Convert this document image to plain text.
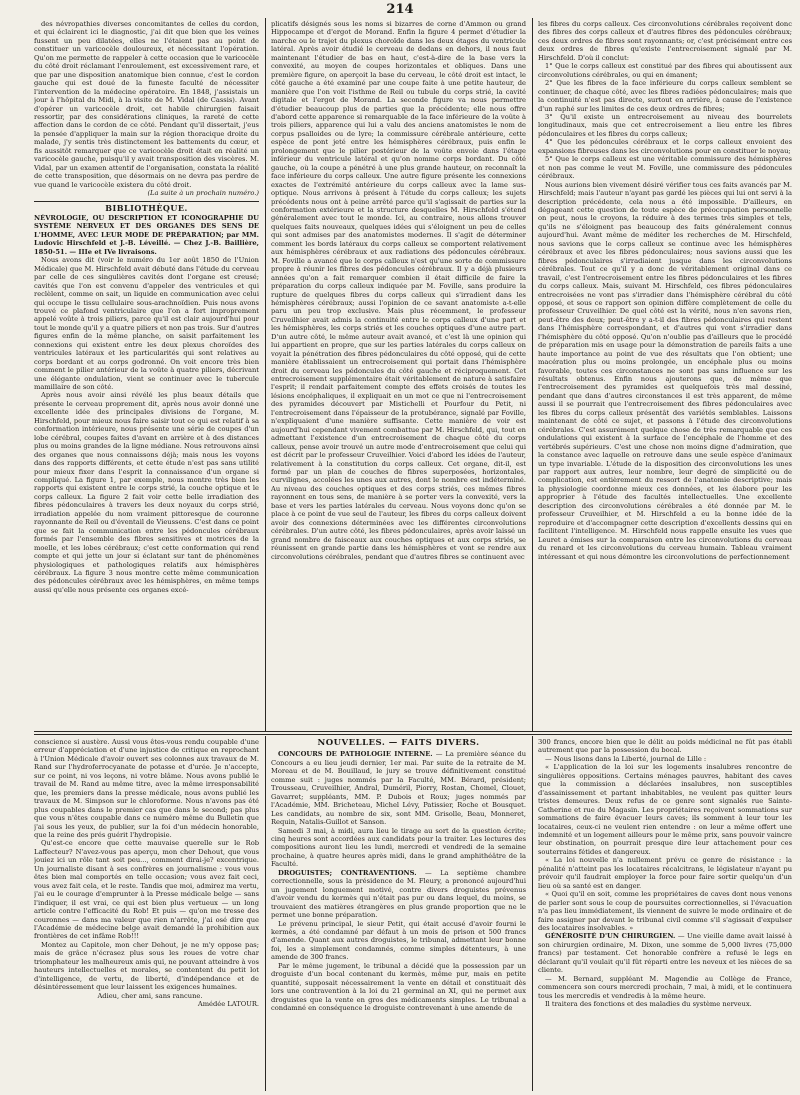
214

des névropathies diverses concomitantes de celles du cordon, et qui éclairent ici le diagnostic, j'ai dit que bien que les veines fussent un peu dilatées, elles ne l'étaient pas au point de constituer un varicocèle douloureux, et nécessitant l'opération. Qu'on me permette de rappeler à cette occasion que le varicocèle du côté droit réclamant l'enroulement, est excessivement rare, et que par une disposition anatomique bien connue, c'est le cordon gauche qui est doué de la funeste faculté de nécessiter l'intervention de la médecine opératoire. En 1848, j'assistais un jour à l'hôpital du Midi, à la visite de M. Vidal (de Cassis). Avant d'opérer un varicocèle droit, cet habile chirurgien faisait ressortir, par des considérations cliniques, la rareté de cette affection dans le cordon de ce côté. Pendant qu'il dissertait, j'eus la pensée d'appliquer la main sur la région thoracique droite du malade, j'y sentis très distinctement les battements du cœur, et fis aussitôt remarquer que ce varicocèle droit était en réalité un varicocèle gauche, puisqu'il y avait transposition des viscères. M. Vidal, par un examen attentif de l'organisation, constata la réalité de cette transposition, que désormais on ne devra pas perdre de vue quand le varicocèle existera du côté droit.

(La suite à un prochain numéro.)

BIBLIOTHÈQUE.

NÉVROLOGIE, OU DESCRIPTION ET ICONOGRAPHIE DU SYSTÈME NERVEUX ET DES ORGANES DES SENS DE L'HOMME, AVEC LEUR MODE DE PRÉPARATION; par MM. Ludovic Hirschfeld et J.-B. Léveillé. — Chez J.-B. Baillière, 1850-51. — IIIe et IVe livraisons.

Nous avons dit (voir le numéro du 1er août 1850 de l'Union Médicale) que M. Hirschfeld avait débuté dans l'étude du cerveau par celle de ces singulières cavités dont l'organe est creusé; cavités que l'on est convenu d'appeler des ventricules et qui reclèlent, comme on sait, un liquide en communication avec celui qui occupe le tissu cellulaire sous-arachnoïdien. Puis nous avons trouvé ce plafond ventriculaire que l'on a fort improprement appelé voûte à trois piliers, parce qu'il est clair aujourd'hui pour tout le monde qu'il y a quatre piliers et non pas trois. Sur d'autres figures enfin de la même planche, on saisit parfaitement les connexions qui existent entre les deux plexus choroïdes des ventricules latéraux et les particularités qui sont relatives au corps bordant et au corps godronné. On voit encore très bien comment le pilier antérieur de la voûte à quatre piliers, décrivant une élégante ondulation, vient se continuer avec le tubercule mamillaire de son côté.

Après nous avoir ainsi révélé les plus beaux détails que présente le cerveau proprement dit, après nous avoir donné une excellente idée des principales divisions de l'organe, M. Hirschfeld, pour mieux nous faire saisir tout ce qui est relatif à sa conformation intérieure, nous présente une série de coupes d'un lobe cérébral, coupes faites d'avant en arrière et à des distances plus ou moins grandes de la ligne médiane. Nous retrouvons ainsi des organes que nous connaissons déjà; mais nous les voyons dans des rapports différents, et cette étude n'est pas sans utilité pour mieux fixer dans l'esprit la connaissance d'un organe si compliqué. La figure 1, par exemple, nous montre très bien les rapports qui existent entre le corps strié, la couche optique et le corps calleux. La figure 2 fait voir cette belle irradiation des fibres pédonculaires à travers les deux noyaux du corps strié, irradiation appelée du nom vraiment pittoresque de couronne rayonnante de Reil ou d'éventail de Vieussens. C'est dans ce point que se fait la communication entre les pédoncules cérébraux formés par l'ensemble des fibres sensitives et motrices de la moelle, et les lobes cérébraux; c'est cette conformation qui rend compte et qui jette un jour si éclatant sur tant de phénomènes physiologiques et pathologiques relatifs aux hémisphères cérébraux. La figure 3 nous montre cette même communication des pédoncules cérébraux avec les hémisphères, en même temps aussi qu'elle nous présente ces organes excé-

plicatifs désignés sous les noms si bizarres de corne d'Ammon ou grand Hippocampe et d'ergot de Morand. Enfin la figure 4 permet d'étudier la marche ou le trajet du plexus choroïde dans les deux étages du ventricule latéral. Après avoir étudié le cerveau de dedans en dehors, il nous faut maintenant l'étudier de bas en haut, c'est-à-dire de la base vers la convexité, au moyen de coupes horizontales et obliques. Dans une première figure, on aperçoit la base du cerveau, le côté droit est intact, le côté gauche a été examiné par une coupe faite à une petite hauteur, de manière que l'on voit l'isthme de Reil ou tubule du corps strié, la cavité digitale et l'ergot de Morand. La seconde figure va nous permettre d'étudier beaucoup plus de parties que la précédente; elle nous offre d'abord cette apparence si remarquable de la face inférieure de la voûte à trois piliers, apparence qui lui a valu des anciens anatomistes le nom de corpus psalloides ou de lyre; la commissure cérébrale antérieure, cette espèce de pont jeté entre les hémisphères cérébraux, puis enfin le prolongement que le pilier postérieur de la voûte envoie dans l'étage inférieur du ventricule latéral et qu'on nomme corps bordant. Du côté gauche, où la coupe a pénétré à une plus grande hauteur, on reconnaît la face inférieure du corps calleux. Une autre figure présente les connexions exactes de l'extrémité antérieure du corps calleux avec la lame sus-optique. Nous arrivons à présent à l'étude du corps calleux; les sujets précédents nous ont à peine arrêté parce qu'il s'agissait de parties sur la conformation extérieure et la structure desquelles M. Hirschfeld s'étend généralement avec tout le monde. Ici, au contraire, nous allons trouver quelques faits nouveaux, quelques idées qui s'éloignent un peu de celles qui sont admises par des anatomistes modernes. Il s'agit de déterminer comment les bords latéraux du corps calleux se comportent relativement aux hémisphères cérébraux et aux radiations des pédoncules cérébraux. M. Foville a avancé que le corps calleux n'est qu'une sorte de commissure propre à réunir les fibres des pédoncules cérébraux. Il y a déjà plusieurs années qu'on a fait remarquer combien il était difficile de faire la préparation du corps calleux indiquée par M. Foville, sans produire la rupture de quelques fibres du corps calleux qui s'irradient dans les hémisphères cérébraux; aussi l'opinion de ce savant anatomiste a-t-elle paru un peu trop exclusive. Mais plus récemment, le professeur Cruveilhier avait admis la continuité entre le corps calleux d'une part et les hémisphères, les corps striés et les couches optiques d'une autre part. D'un autre côté, le même auteur avait avancé, et c'est là une opinion qui lui appartient en propre, que sur les parties latérales du corps calleux on voyait la pénétration des fibres pédonculaires du côté opposé, qui de cette manière établissaient un entrecroisement qui portait dans l'hémisphère droit du cerveau les pédoncules du côté gauche et réciproquement. Cet entrecroisement supplémentaire était véritablement de nature à satisfaire l'esprit; il rendait parfaitement compte des effets croisés de toutes les lésions encéphaliques, il expliquait en un mot ce que ni l'entrecroisement des pyramides découvert par Mistichelli et Pourfour du Petit, ni l'entrecroisement dans l'épaisseur de la protubérance, signalé par Foville, n'expliquaient d'une manière suffisante. Cette manière de voir est aujourd'hui cependant vivement combattue par M. Hirschfeld, qui, tout en admettant l'existence d'un entrecroisement de chaque côté du corps calleux, pense avoir trouvé un autre mode d'entrecroisement que celui qui est décrit par le professeur Cruveilhier. Voici d'abord les idées de l'auteur, relativement à la constitution du corps calleux. Cet organe, dit-il, est formé par un plan de couches de fibres superposées, horizontales, curvilignes, accolées les unes aux autres, dont le nombre est indéterminé. Au niveau des couches optiques et des corps striés, ces mêmes fibres rayonnent en tous sens, de manière à se porter vers la convexité, vers la base et vers les parties latérales du cerveau. Nous voyons donc qu'on se place à ce point de vue seul de l'auteur, les fibres du corps calleux doivent avoir des connexions déterminées avec les différentes circonvolutions cérébrales. D'un autre côté, les fibres pédonculaires, après avoir laissé un grand nombre de faisceaux aux couches optiques et aux corps striés, se réunissent en grande partie dans les hémisphères et vont se rendre aux circonvolutions cérébrales, pendant que d'autres fibres se continuent avec

les fibres du corps calleux. Ces circonvolutions cérébrales reçoivent donc des fibres des corps calleux et d'autres fibres des pédoncules cérébraux; ces deux ordres de fibres sont rayonnants; or, c'est précisément entre ces deux ordres de fibres qu'existe l'entrecroisement signalé par M. Hirschfeld. D'où il conclut:

1° Que le corps calleux est constitué par des fibres qui aboutissent aux circonvolutions cérébrales, ou qui en émanent;

2° Que les fibres de la face inférieure du corps calleux semblent se continuer, de chaque côté, avec les fibres radiées pédonculaires; mais que la continuité n'est pas directe, surtout en arrière, à cause de l'existence d'un raphé sur les limites de ces deux ordres de fibres;

3° Qu'il existe un entrecroisement au niveau des bourrelets longitudinaux, mais que cet entrecroisement a lieu entre les fibres pédonculaires et les fibres du corps calleux;

4° Que les pédoncules cérébraux et le corps calleux envoient des expansions fibreuses dans les circonvolutions pour en constituer le noyau;

5° Que le corps calleux est une véritable commissure des hémisphères et non pas comme le veut M. Foville, une commissure des pédoncules cérébraux.

Nous aurions bien vivement désiré vérifier tous ces faits avancés par M. Hirschfeld; mais l'auteur n'ayant pas gardé les pièces qui lui ont servi à la description précédente, cela nous a été impossible. D'ailleurs, en dégageant cette question de toute espèce de préoccupation personnelle on peut, nous le croyons, la réduire à des termes très simples et tels, qu'ils ne s'éloignent pas beaucoup des faits généralement connus aujourd'hui. Avant même de méditer les recherches de M. Hirschfeld, nous savions que le corps calleux se continue avec les hémisphères cérébraux et avec les fibres pédonculaires; nous savions aussi que les fibres pédonculaires s'irradiaient jusque dans les circonvolutions cérébrales. Tout ce qu'il y a donc de véritablement original dans ce travail, c'est l'entrecroisement entre les fibres pédonculaires et les fibres du corps calleux. Mais, suivant M. Hirschfeld, ces fibres pédonculaires entrecroisées ne vont pas s'irradier dans l'hémisphère cérébral du côté opposé, et sous ce rapport son opinion diffère complètement de celle du professeur Cruveilhier. De quel côté est la vérité, nous n'en savons rien, peut-être des deux; peut-être y a-t-il des fibres pédonculaires qui restent dans l'hémisphère correspondant, et d'autres qui vont s'irradier dans l'hémisphère du côté opposé. Qu'on n'oublie pas d'ailleurs que le procédé de préparation mis en usage pour la démonstration de pareils faits a une haute importance au point de vue des résultats que l'on obtient; une macération plus ou moins prolongée, un encéphale plus ou moins favorable, toutes ces circonstances ne sont pas sans influence sur les résultats obtenus. Enfin nous ajouterons que, de même que l'entrecroisement des pyramides est quelquefois très mal dessiné, pendant que dans d'autres circonstances il est très apparent, de même aussi il se pourrait que l'entrecroisement des fibres pédonculaires avec les fibres du corps calleux présentât des variétés semblables. Laissons maintenant de côté ce sujet, et passons à l'étude des circonvolutions cérébrales. C'est assurément quelque chose de très remarquable que ces ondulations qui existent à la surface de l'encéphale de l'homme et des vertébrés supérieurs. C'est une chose non moins digne d'admiration, que la constance avec laquelle on retrouve dans une seule espèce d'animaux un type invariable. L'étude de la disposition des circonvolutions les unes par rapport aux autres, leur nombre, leur degré de simplicité ou de complication, est entièrement du ressort de l'anatomie descriptive; mais la physiologie coordonne mieux ces données, et les élabore pour les approprier à l'étude des facultés intellectuelles. Une excellente description des circonvolutions cérébrales a été donnée par M. le professeur Cruveilhier, et M. Hirschfeld a eu la bonne idée de la reproduire et d'accompagner cette description d'excellents dessins qui en facilitent l'intelligence. M. Hirschfeld nous rappelle ensuite les vues que Leuret a émises sur la comparaison entre les circonvolutions du cerveau du renard et les circonvolutions du cerveau humain. Tableau vraiment intéressant et qui nous démontre les circonvolutions de perfectionnement

conscience si austère. Aussi vous êtes-vous rendu coupable d'une erreur d'appréciation et d'une injustice de critique en reprochant à l'Union Médicale d'avoir ouvert ses colonnes aux travaux de M. Rand sur l'hydroferrocyanate de potasse et d'urée. Je n'accepte, sur ce point, ni vos leçons, ni votre blâme. Nous avons publié le travail de M. Rand au même titre, avec la même irresponsabilité que, les premiers dans la presse médicale, nous avons publié les travaux de M. Simpson sur le chloroforme. Nous n'avons pas été plus coupables dans le premier cas que dans le second; pas plus que vous n'êtes coupable dans ce numéro même du Bulletin que j'ai sous les yeux, de publier, sur la foi d'un médecin honorable, que la reine des prés guérit l'hydropisie.

Qu'est-ce encore que cette mauvaise querelle sur le Rob Laffecteur? N'avez-vous pas aperçu, mon cher Dehout, que vous jouiez ici un rôle tant soit peu..., comment dirai-je? excentrique. Un journaliste disant à ses confrères en journalisme : vous vous êtes bien mal comportés en telle occasion; vous avez fait ceci, vous avez fait cela, et le reste. Tandis que moi, admirez ma vertu, j'ai eu le courage d'emprunter à la Presse médicale belge — sans l'indiquer, il est vrai, ce qui est bien plus vertueux — un long article contre l'efficacité du Rob! Et puis — qu'on me tresse des couronnes — dans ma valeur que rien n'arrête, j'ai osé dire que l'Académie de médecine belge avait demandé la prohibition aux frontières de cet infâme Rob!!!

Montez au Capitole, mon cher Dehout, je ne m'y oppose pas; mais de grâce n'écrasez plus sous les roues de votre char triomphateur les malheureux amis qui, ne pouvant atteindre à vos hauteurs intellectuelles et morales, se contentent du petit lot d'intelligence, de vertu, de liberté, d'indépendance et de désintéressement que leur laissent les exigences humaines.

Adieu, cher ami, sans rancune.

Amédée LATOUR.

NOUVELLES. — FAITS DIVERS.

CONCOURS DE PATHOLOGIE INTERNE. — La première séance du Concours a eu lieu jeudi dernier, 1er mai. Par suite de la retraite de M. Moreau et de M. Bouillaud, le jury se trouve définitivement constitué comme suit : juges nommés par la Faculté, MM. Bérard, président; Trousseau, Cruveilhier, Andral, Duméril, Piorry, Rostan, Chomel, Clouet, Gavarret; suppléants, MM. P. Dubois et Roux; juges nommés par l'Académie, MM. Bricheteau, Michel Lévy, Patissier, Roche et Bousquet. Les candidats, au nombre de six, sont MM. Grisolle, Beau, Monneret, Requin, Natalis-Guillot et Sanson.

Samedi 3 mai, à midi, aura lieu le tirage au sort de la question écrite; cinq heures sont accordées aux candidats pour la traiter. Les lectures des compositions auront lieu les lundi, mercredi et vendredi de la semaine prochaine, à quatre heures après midi, dans le grand amphithéâtre de la Faculté.

DROGUISTES; CONTRAVENTIONS. — La septième chambre correctionnelle, sous la présidence de M. Fleury, a prononcé aujourd'hui un jugement longuement motivé, contre divers droguistes prévenus d'avoir vendu du kermès qui n'était pas pur ou dans lequel, du moins, se trouvaient des matières étrangères en plus grande proportion que ne le permet une bonne préparation.

Le prévenu principal, le sieur Petit, qui était accusé d'avoir fourni le kermès, a été condamné par défaut à un mois de prison et 500 francs d'amende. Quant aux autres droguistes, le tribunal, admettant leur bonne foi, les a simplement condamnés, comme simples détenteurs, à une amende de 300 francs.

Par le même jugement, le tribunal a décidé que la possession par un droguiste d'un bocal contenant du kermès, même pur, mais en petite quantité, supposait nécessairement la vente en détail et constituait dès lors une contravention à la loi du 21 germinal an XI, qui ne permet aux droguistes que la vente en gros des médicaments simples. Le tribunal a condamné en conséquence le droguiste contrevenant à une amende de

300 francs, encore bien que le délit au poids médicinal ne fût pas établi autrement que par la possession du bocal.

— Nous lisons dans la Liberté, journal de Lille :

« L'application de la loi sur les logements insalubres rencontre de singulières oppositions. Certains ménages pauvres, habitant des caves que la commission a déclarées insalubres, non susceptibles d'assainissement et partant inhabitables, ne veulent pas quitter leurs tristes demeures. Deux refus de ce genre sont signalés rue Sainte-Catherine et rue du Magasin. Les propriétaires reçoivent sommations sur sommations de faire évacuer leurs caves; ils somment à leur tour les locataires, ceux-ci ne veulent rien entendre : on leur a même offert une indemnité et un logement ailleurs pour le même prix, sans pouvoir vaincre leur obstination, on pourrait presque dire leur attachement pour ces souterrains fétides et dangereux.

« La loi nouvelle n'a nullement prévu ce genre de résistance : la pénalité n'atteint pas les locataires récalcitrans, le législateur n'ayant pu prévoir qu'il faudrait employer la force pour faire sortir quelqu'un d'un lieu où sa santé est en danger.

« Quoi qu'il en soit, comme les propriétaires de caves dont nous venons de parler sont sous le coup de poursuites correctionnelles, si l'évacuation n'a pas lieu immédiatement, ils viennent de suivre le mode ordinaire et de faire assigner par devant le tribunal civil comme s'il s'agissait d'expulser des locataires insolvables. »

GÉNÉROSITÉ D'UN CHIRURGIEN. — Une vieille dame avait laissé à son chirurgien ordinaire, M. Dixon, une somme de 5,000 livres (75,000 francs) par testament. Cet honorable confrère a refusé le legs en déclarant qu'il voulait qu'il fût réparti entre les neveux et les nièces de sa cliente.

— M. Bernard, suppléant M. Magendie au Collège de France, commencera son cours mercredi prochain, 7 mai, à midi, et le continuera tous les mercredis et vendredis à la même heure.

Il traitera des fonctions et des maladies du système nerveux.
